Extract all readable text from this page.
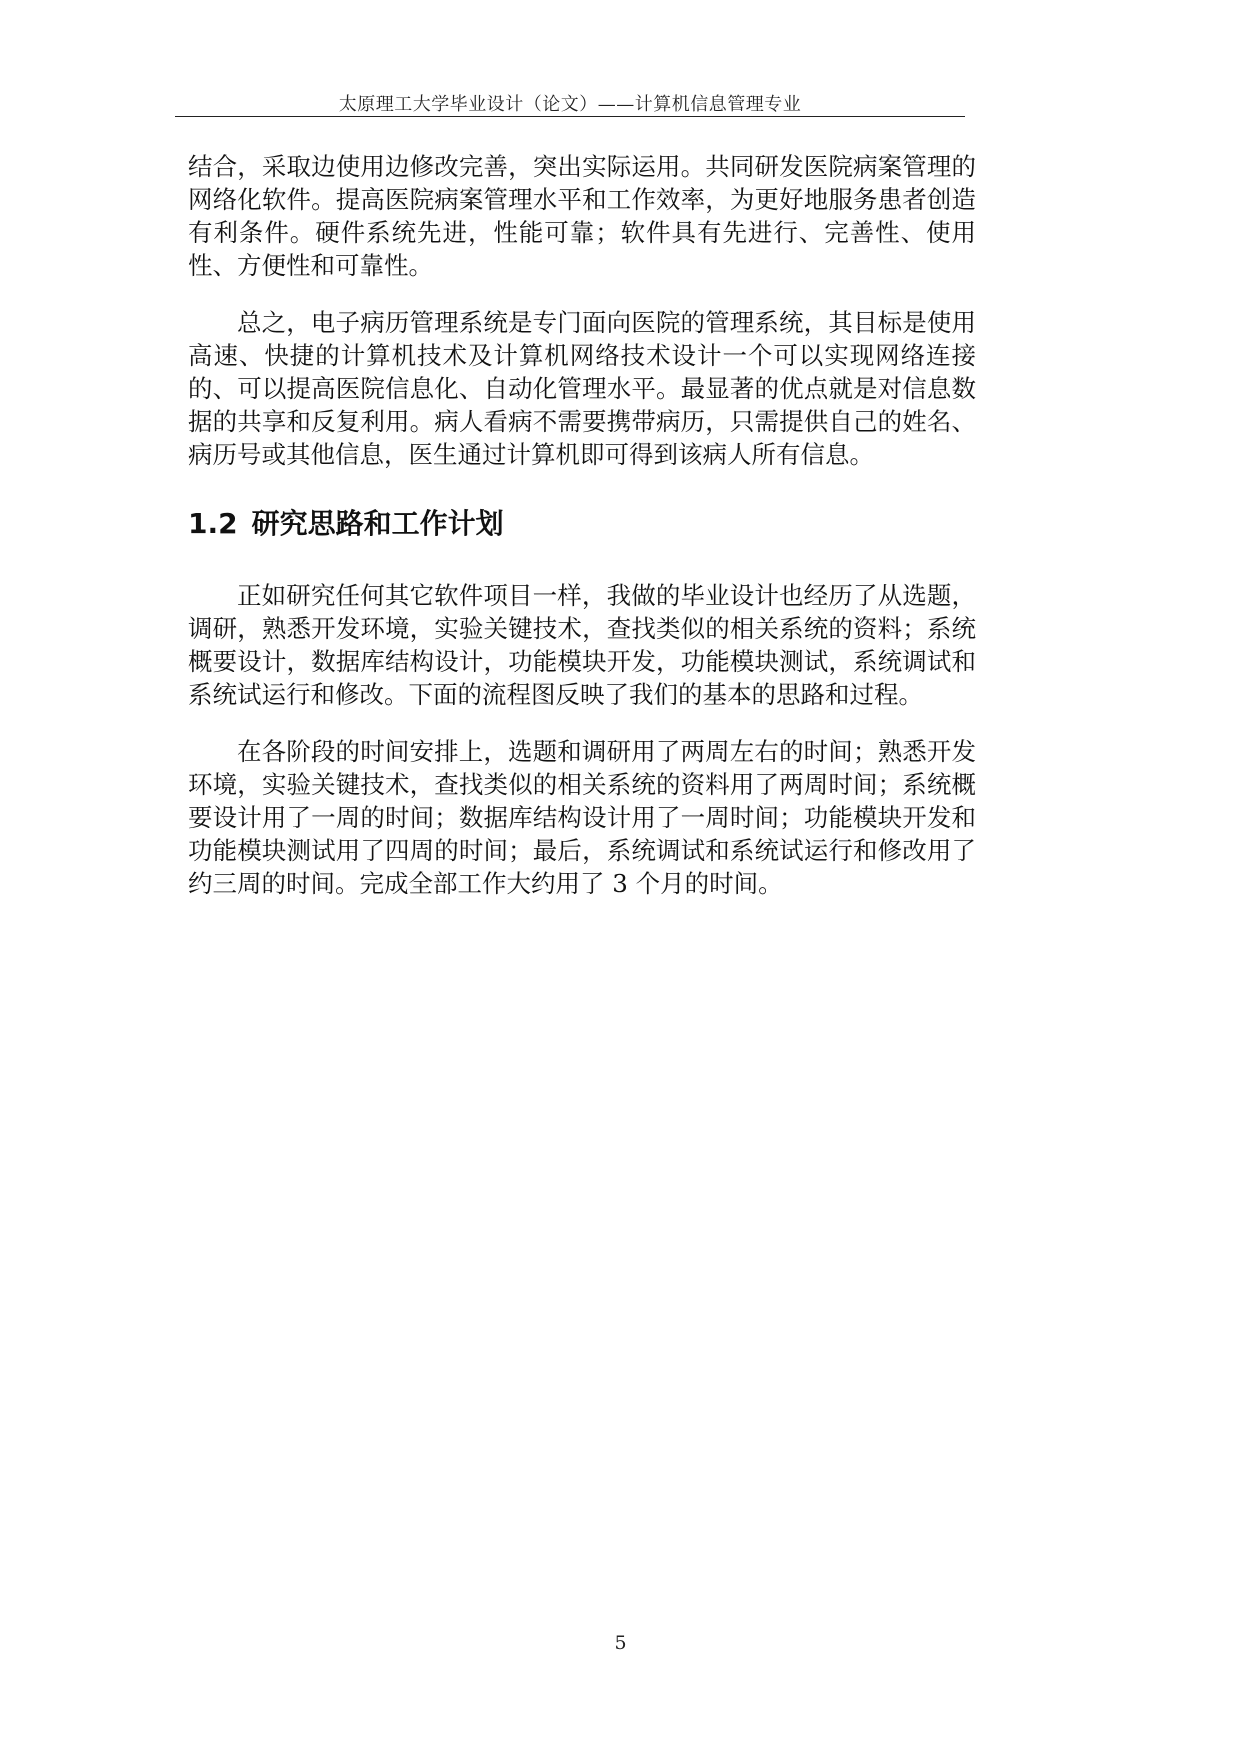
太原理工大学毕业设计（论文）——计算机信息管理专业

结合，采取边使用边修改完善，突出实际运用。共同研发医院病案管理的网络化软件。提高医院病案管理水平和工作效率，为更好地服务患者创造有利条件。硬件系统先进，性能可靠；软件具有先进行、完善性、使用性、方便性和可靠性。

总之，电子病历管理系统是专门面向医院的管理系统，其目标是使用高速、快捷的计算机技术及计算机网络技术设计一个可以实现网络连接的、可以提高医院信息化、自动化管理水平。最显著的优点就是对信息数据的共享和反复利用。病人看病不需要携带病历，只需提供自己的姓名、病历号或其他信息，医生通过计算机即可得到该病人所有信息。

1.2 研究思路和工作计划

正如研究任何其它软件项目一样，我做的毕业设计也经历了从选题，调研，熟悉开发环境，实验关键技术，查找类似的相关系统的资料；系统概要设计，数据库结构设计，功能模块开发，功能模块测试，系统调试和系统试运行和修改。下面的流程图反映了我们的基本的思路和过程。

在各阶段的时间安排上，选题和调研用了两周左右的时间；熟悉开发环境，实验关键技术，查找类似的相关系统的资料用了两周时间；系统概要设计用了一周的时间；数据库结构设计用了一周时间；功能模块开发和功能模块测试用了四周的时间；最后，系统调试和系统试运行和修改用了约三周的时间。完成全部工作大约用了 3 个月的时间。

5
